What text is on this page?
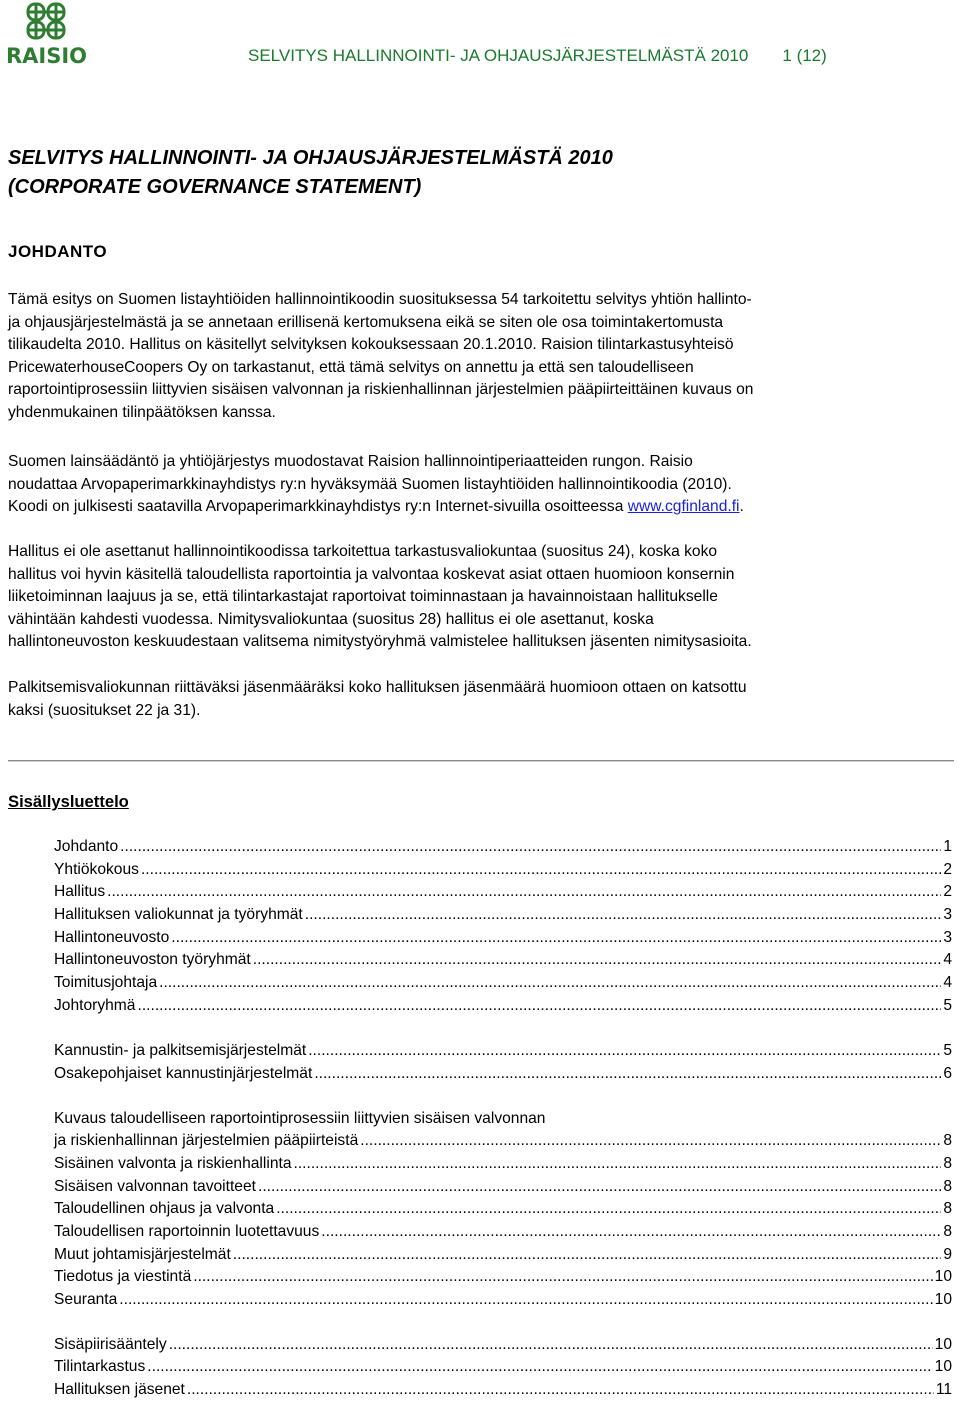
RAISIO	SELVITYS HALLINNOINTI- JA OHJAUSJÄRJESTELMÄSTÄ 2010 1 (12)
SELVITYS HALLINNOINTI- JA OHJAUSJÄRJESTELMÄSTÄ 2010
(CORPORATE GOVERNANCE STATEMENT)
JOHDANTO
Tämä esitys on Suomen listayhtiöiden hallinnointikoodin suosituksessa 54 tarkoitettu selvitys yhtiön hallinto-
ja ohjausjärjestelmästä ja se annetaan erillisenä kertomuksena eikä se siten ole osa toimintakertomusta
tilikaudelta 2010. Hallitus on käsitellyt selvityksen kokouksessaan 20.1.2010. Raision tilintarkastusyhteisö
PricewaterhouseCoopers Oy on tarkastanut, että tämä selvitys on annettu ja että sen taloudelliseen
raportointiprosessiin liittyvien sisäisen valvonnan ja riskienhallinnan järjestelmien pääpiirteittäinen kuvaus on
yhdenmukainen tilinpäätöksen kanssa.
Suomen lainsäädäntö ja yhtiöjärjestys muodostavat Raision hallinnointiperiaatteiden rungon. Raisio
noudattaa Arvopaperimarkkinayhdistys ry:n hyväksymää Suomen listayhtiöiden hallinnointikoodia (2010).
Koodi on julkisesti saatavilla Arvopaperimarkkinayhdistys ry:n Internet-sivuilla osoitteessa www.cgfinland.fi.
Hallitus ei ole asettanut hallinnointikoodissa tarkoitettua tarkastusvaliokuntaa (suositus 24), koska koko
hallitus voi hyvin käsitellä taloudellista raportointia ja valvontaa koskevat asiat ottaen huomioon konsernin
liiketoiminnan laajuus ja se, että tilintarkastajat raportoivat toiminnastaan ja havainnoistaan hallitukselle
vähintään kahdesti vuodessa. Nimitysvaliokuntaa (suositus 28) hallitus ei ole asettanut, koska
hallintoneuvoston keskuudestaan valitsema nimitystyöryhmä valmistelee hallituksen jäsenten nimitysasioita.
Palkitsemisvaliokunnan riittäväksi jäsenmääräksi koko hallituksen jäsenmäärä huomioon ottaen on katsottu
kaksi (suositukset 22 ja 31).
Sisällysluettelo
Johdanto .....	1
Yhtiökokous .....	2
Hallitus .....	2
Hallituksen valiokunnat ja työryhmät .....	3
Hallintoneuvosto .....	3
Hallintoneuvoston työryhmät .....	4
Toimitusjohtaja .....	4
Johtoryhmä .....	5
Kannustin- ja palkitsemisjärjestelmät .....	5
Osakepohjaiset kannustinjärjestelmät .....	6
Kuvaus taloudelliseen raportointiprosessiin liittyvien sisäisen valvonnan
ja riskienhallinnan järjestelmien pääpiirteistä .....	8
Sisäinen valvonta ja riskienhallinta .....	8
Sisäisen valvonnan tavoitteet .....	8
Taloudellinen ohjaus ja valvonta .....	8
Taloudellisen raportoinnin luotettavuus .....	8
Muut johtamisjärjestelmät .....	9
Tiedotus ja viestintä .....	10
Seuranta .....	10
Sisäpiirisääntely .....	10
Tilintarkastus .....	10
Hallituksen jäsenet .....	11
